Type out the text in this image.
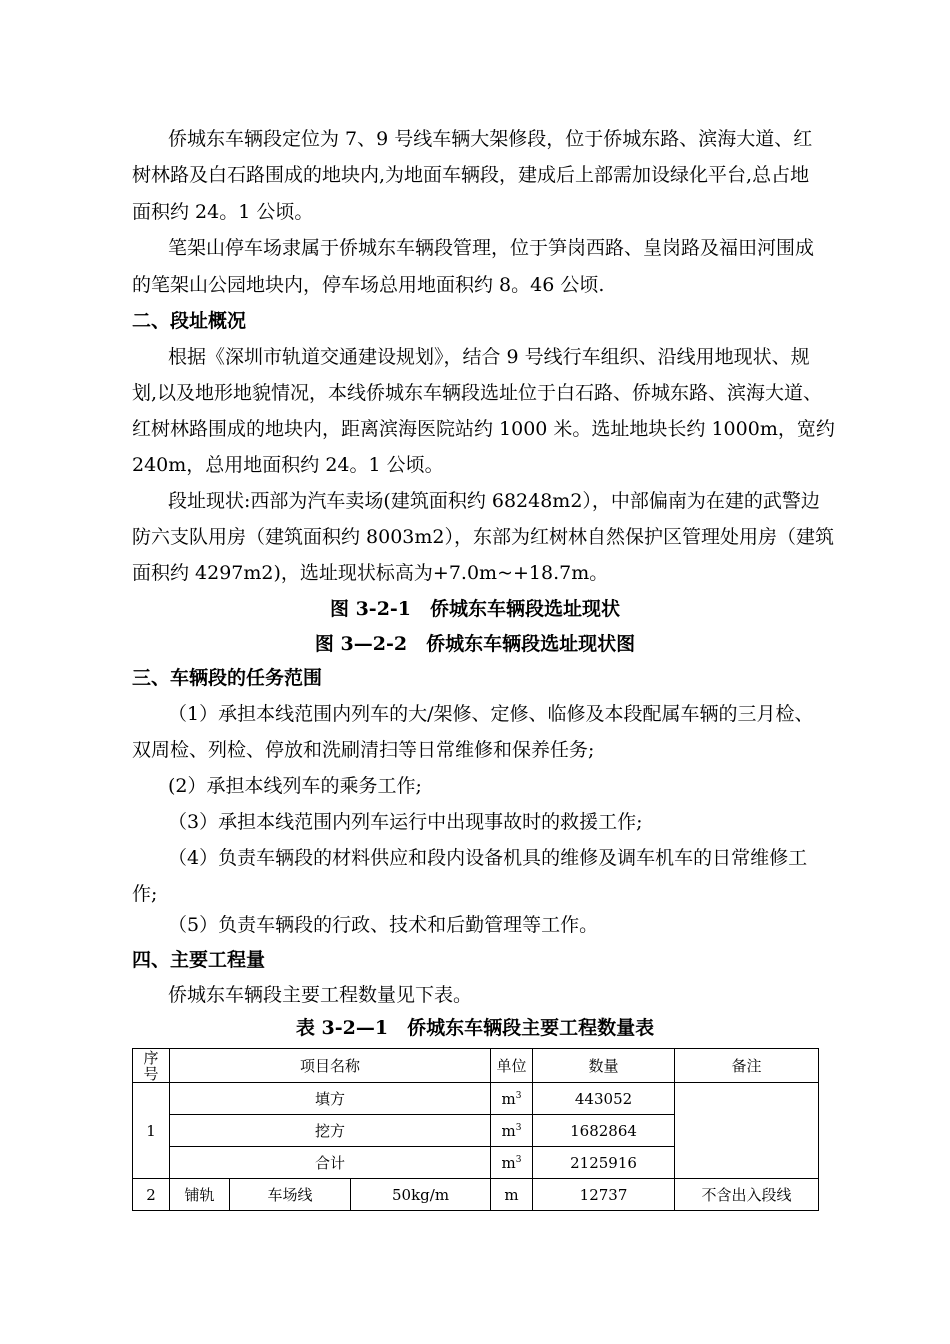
侨城东车辆段定位为 7、9 号线车辆大架修段，位于侨城东路、滨海大道、红
树林路及白石路围成的地块内,为地面车辆段，建成后上部需加设绿化平台,总占地
面积约 24。1 公顷。
笔架山停车场隶属于侨城东车辆段管理，位于笋岗西路、皇岗路及福田河围成
的笔架山公园地块内，停车场总用地面积约 8。46 公顷.
二、段址概况
根据《深圳市轨道交通建设规划》，结合 9 号线行车组织、沿线用地现状、规
划,以及地形地貌情况，本线侨城东车辆段选址位于白石路、侨城东路、滨海大道、
红树林路围成的地块内，距离滨海医院站约 1000 米。选址地块长约 1000m，宽约
240m，总用地面积约 24。1 公顷。
段址现状:西部为汽车卖场(建筑面积约 68248m2），中部偏南为在建的武警边
防六支队用房（建筑面积约 8003m2），东部为红树林自然保护区管理处用房（建筑
面积约 4297m2)，选址现状标高为+7.0m~+18.7m。
图 3-2-1　侨城东车辆段选址现状
图 3—2-2　侨城东车辆段选址现状图
三、车辆段的任务范围
（1）承担本线范围内列车的大/架修、定修、临修及本段配属车辆的三月检、
双周检、列检、停放和洗刷清扫等日常维修和保养任务;
(2）承担本线列车的乘务工作;
（3）承担本线范围内列车运行中出现事故时的救援工作;
（4）负责车辆段的材料供应和段内设备机具的维修及调车机车的日常维修工
作;
（5）负责车辆段的行政、技术和后勤管理等工作。
四、主要工程量
侨城东车辆段主要工程数量见下表。
表 3-2—1　侨城东车辆段主要工程数量表
序
号	项目名称			单位	数量	备注
1	填方			$m^3$	443052	
	挖方			$m^3$	1682864	
	合计			$m^3$	2125916	
2	铺轨	车场线	50kg/m	m	12737	不含出入段线
